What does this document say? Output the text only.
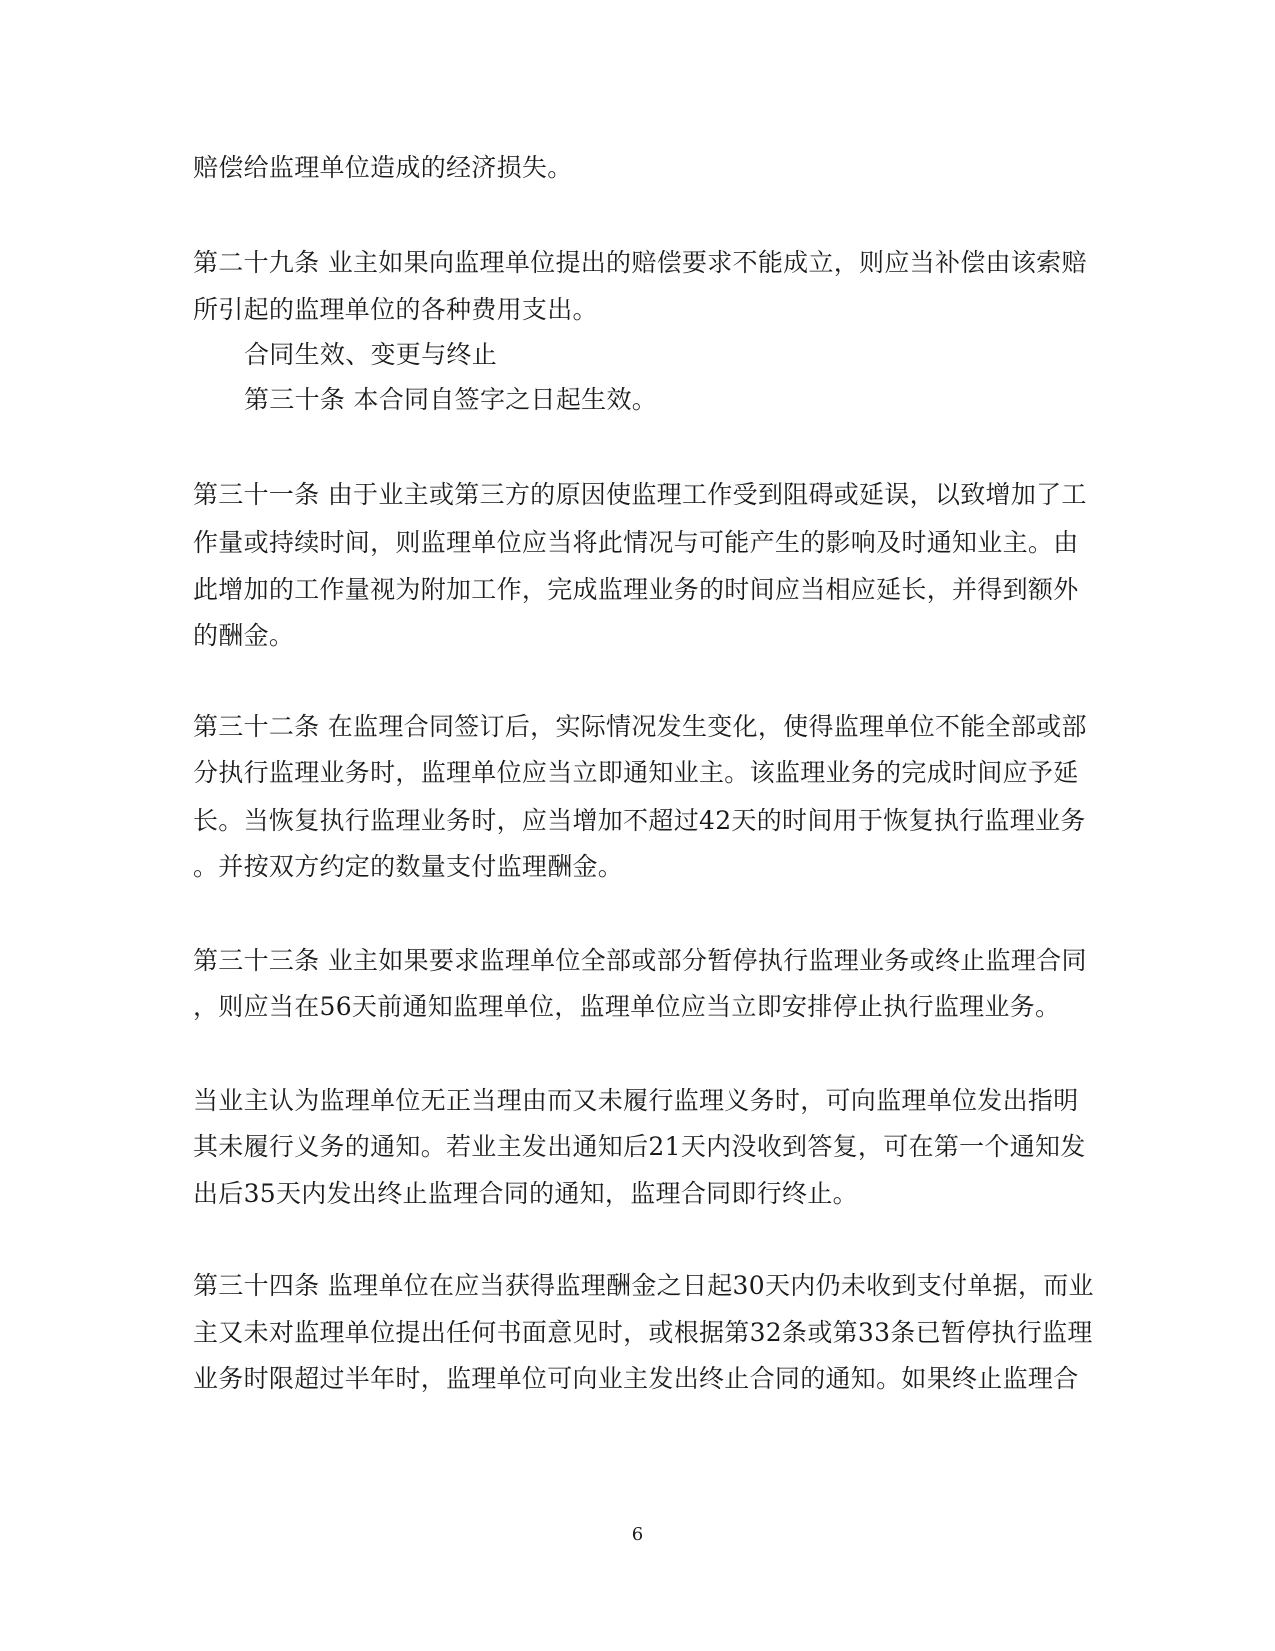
赔偿给监理单位造成的经济损失。
第二十九条 业主如果向监理单位提出的赔偿要求不能成立，则应当补偿由该索赔
所引起的监理单位的各种费用支出。
合同生效、变更与终止
第三十条 本合同自签字之日起生效。
第三十一条 由于业主或第三方的原因使监理工作受到阻碍或延误，以致增加了工
作量或持续时间，则监理单位应当将此情况与可能产生的影响及时通知业主。由
此增加的工作量视为附加工作，完成监理业务的时间应当相应延长，并得到额外
的酬金。
第三十二条 在监理合同签订后，实际情况发生变化，使得监理单位不能全部或部
分执行监理业务时，监理单位应当立即通知业主。该监理业务的完成时间应予延
长。当恢复执行监理业务时，应当增加不超过42天的时间用于恢复执行监理业务
。并按双方约定的数量支付监理酬金。
第三十三条 业主如果要求监理单位全部或部分暂停执行监理业务或终止监理合同
，则应当在56天前通知监理单位，监理单位应当立即安排停止执行监理业务。
当业主认为监理单位无正当理由而又未履行监理义务时，可向监理单位发出指明
其未履行义务的通知。若业主发出通知后21天内没收到答复，可在第一个通知发
出后35天内发出终止监理合同的通知，监理合同即行终止。
第三十四条 监理单位在应当获得监理酬金之日起30天内仍未收到支付单据，而业
主又未对监理单位提出任何书面意见时，或根据第32条或第33条已暂停执行监理
业务时限超过半年时，监理单位可向业主发出终止合同的通知。如果终止监理合
6
